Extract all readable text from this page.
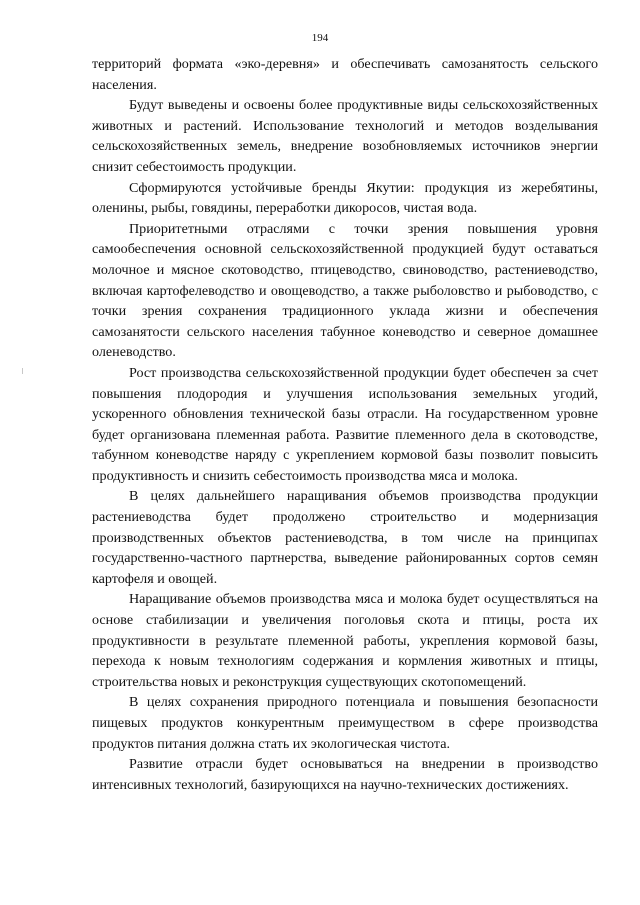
194

территорий формата «эко-деревня» и обеспечивать самозанятость сельского населения.

Будут выведены и освоены более продуктивные виды сельскохозяйственных животных и растений. Использование технологий и методов возделывания сельскохозяйственных земель, внедрение возобновляемых источников энергии снизит себестоимость продукции.

Сформируются устойчивые бренды Якутии: продукция из жеребятины, оленины, рыбы, говядины, переработки дикоросов, чистая вода.

Приоритетными отраслями с точки зрения повышения уровня самообеспечения основной сельскохозяйственной продукцией будут оставаться молочное и мясное скотоводство, птицеводство, свиноводство, растениеводство, включая картофелеводство и овощеводство, а также рыболовство и рыбоводство, с точки зрения сохранения традиционного уклада жизни и обеспечения самозанятости сельского населения табунное коневодство и северное домашнее оленеводство.

Рост производства сельскохозяйственной продукции будет обеспечен за счет повышения плодородия и улучшения использования земельных угодий, ускоренного обновления технической базы отрасли. На государственном уровне будет организована племенная работа. Развитие племенного дела в скотоводстве, табунном коневодстве наряду с укреплением кормовой базы позволит повысить продуктивность и снизить себестоимость производства мяса и молока.

В целях дальнейшего наращивания объемов производства продукции растениеводства будет продолжено строительство и модернизация производственных объектов растениеводства, в том числе на принципах государственно-частного партнерства, выведение районированных сортов семян картофеля и овощей.

Наращивание объемов производства мяса и молока будет осуществляться на основе стабилизации и увеличения поголовья скота и птицы, роста их продуктивности в результате племенной работы, укрепления кормовой базы, перехода к новым технологиям содержания и кормления животных и птицы, строительства новых и реконструкция существующих скотопомещений.

В целях сохранения природного потенциала и повышения безопасности пищевых продуктов конкурентным преимуществом в сфере производства продуктов питания должна стать их экологическая чистота.

Развитие отрасли будет основываться на внедрении в производство интенсивных технологий, базирующихся на научно-технических достижениях.
